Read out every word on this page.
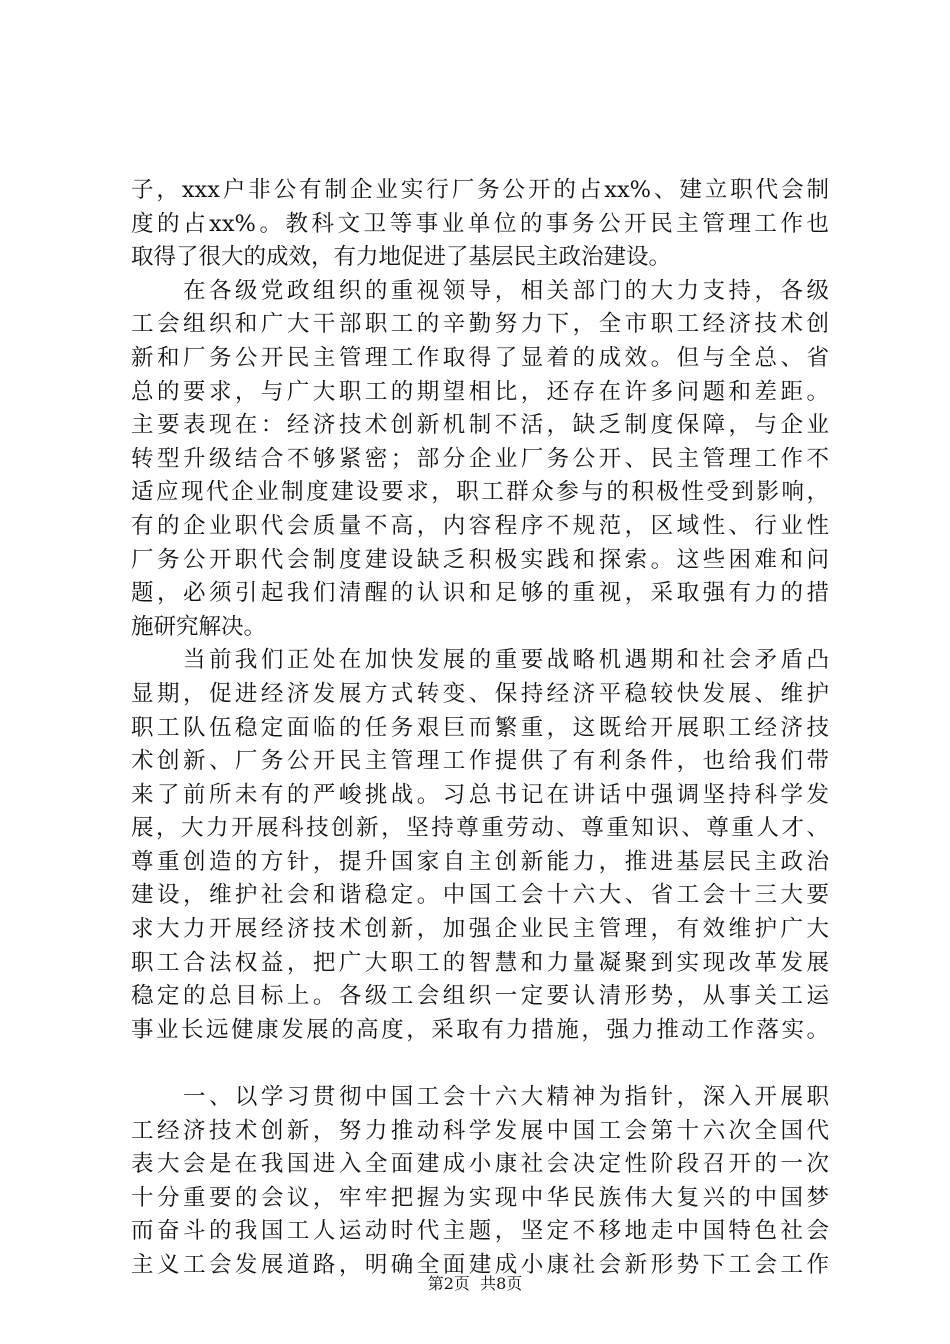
子，xxx户非公有制企业实行厂务公开的占xx%、建立职代会制
度的占xx%。教科文卫等事业单位的事务公开民主管理工作也
取得了很大的成效，有力地促进了基层民主政治建设。
　　在各级党政组织的重视领导，相关部门的大力支持，各级
工会组织和广大干部职工的辛勤努力下，全市职工经济技术创
新和厂务公开民主管理工作取得了显着的成效。但与全总、省
总的要求，与广大职工的期望相比，还存在许多问题和差距。
主要表现在：经济技术创新机制不活，缺乏制度保障，与企业
转型升级结合不够紧密；部分企业厂务公开、民主管理工作不
适应现代企业制度建设要求，职工群众参与的积极性受到影响，
有的企业职代会质量不高，内容程序不规范，区域性、行业性
厂务公开职代会制度建设缺乏积极实践和探索。这些困难和问
题，必须引起我们清醒的认识和足够的重视，采取强有力的措
施研究解决。
　　当前我们正处在加快发展的重要战略机遇期和社会矛盾凸
显期，促进经济发展方式转变、保持经济平稳较快发展、维护
职工队伍稳定面临的任务艰巨而繁重，这既给开展职工经济技
术创新、厂务公开民主管理工作提供了有利条件，也给我们带
来了前所未有的严峻挑战。习总书记在讲话中强调坚持科学发
展，大力开展科技创新，坚持尊重劳动、尊重知识、尊重人才、
尊重创造的方针，提升国家自主创新能力，推进基层民主政治
建设，维护社会和谐稳定。中国工会十六大、省工会十三大要
求大力开展经济技术创新，加强企业民主管理，有效维护广大
职工合法权益，把广大职工的智慧和力量凝聚到实现改革发展
稳定的总目标上。各级工会组织一定要认清形势，从事关工运
事业长远健康发展的高度，采取有力措施，强力推动工作落实。
　　一、以学习贯彻中国工会十六大精神为指针，深入开展职
工经济技术创新，努力推动科学发展中国工会第十六次全国代
表大会是在我国进入全面建成小康社会决定性阶段召开的一次
十分重要的会议，牢牢把握为实现中华民族伟大复兴的中国梦
而奋斗的我国工人运动时代主题，坚定不移地走中国特色社会
主义工会发展道路，明确全面建成小康社会新形势下工会工作
第2页  共8页
